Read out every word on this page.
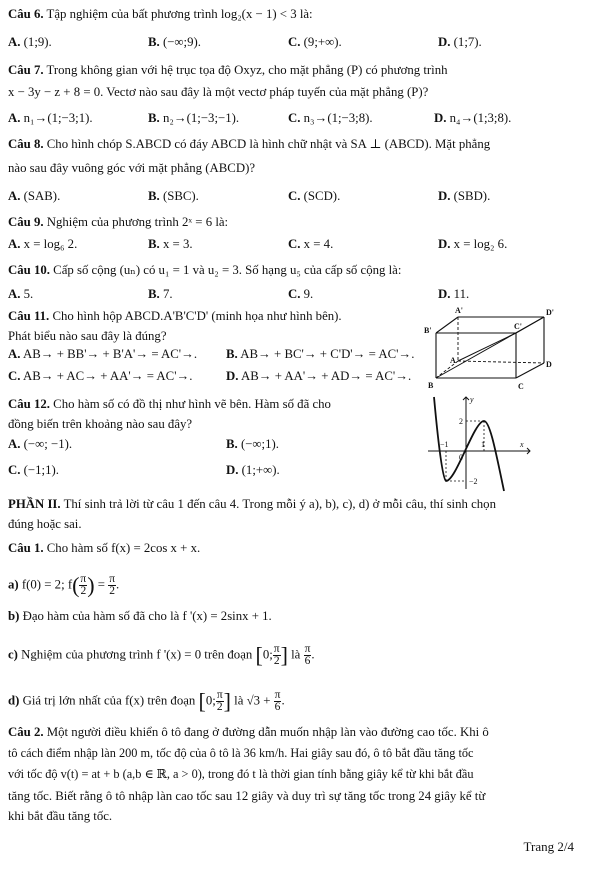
Câu 6. Tập nghiệm của bất phương trình log₂(x − 1) < 3 là:
A. (1;9).	B. (−∞;9).	C. (9;+∞).	D. (1;7).
Câu 7. Trong không gian với hệ trục tọa độ Oxyz, cho mặt phẳng (P) có phương trình
x − 3y − z + 8 = 0. Vectơ nào sau đây là một vectơ pháp tuyến của mặt phẳng (P)?
A. n₁→(1;−3;1).	B. n₂→(1;−3;−1).	C. n₃→(1;−3;8).	D. n₄→(1;3;8).
Câu 8. Cho hình chóp S.ABCD có đáy ABCD là hình chữ nhật và SA ⊥ (ABCD). Mặt phẳng
nào sau đây vuông góc với mặt phẳng (ABCD)?
A. (SAB).	B. (SBC).	C. (SCD).	D. (SBD).
Câu 9. Nghiệm của phương trình 2ˣ = 6 là:
A. x = log₆ 2.	B. x = 3.	C. x = 4.	D. x = log₂ 6.
Câu 10. Cấp số cộng (uₙ) có u₁ = 1 và u₂ = 3. Số hạng u₅ của cấp số cộng là:
A. 5.	B. 7.	C. 9.	D. 11.
Câu 11. Cho hình hộp ABCD.A'B'C'D' (minh họa như hình bên).
Phát biểu nào sau đây là đúng?
A. AB→ + BB'→ + B'A'→ = AC'→. B. AB→ + BC'→ + C'D'→ = AC'→.
C. AB→ + AC→ + AA'→ = AC'→.	D. AB→ + AA'→ + AD→ = AC'→.
A'	D'
B'	C'
A	D
B	C
Câu 12. Cho hàm số có đồ thị như hình vẽ bên. Hàm số đã cho
đồng biến trên khoảng nào sau đây?
A. (−∞; −1).	B. (−∞;1).
C. (−1;1).	D. (1;+∞).
y
x
0
2
−1	1
−2
PHẦN II. Thí sinh trả lời từ câu 1 đến câu 4. Trong mỗi ý a), b), c), d) ở mỗi câu, thí sinh chọn
đúng hoặc sai.
Câu 1. Cho hàm số f(x) = 2cos x + x.
a) f(0) = 2; $f( \frac{\pi}{2}$ ) = $\frac{\pi}{2}$ .
b) Đạo hàm của hàm số đã cho là f '(x) = 2sinx + 1.
c) Nghiệm của phương trình f '(x) = 0 trên đoạn [0; $\frac{\pi}{2}$ ] là $\frac{\pi}{6}$ .
d) Giá trị lớn nhất của f(x) trên đoạn [0; $\frac{\pi}{2}$ ] là $√3 + \frac{\pi}{6}$ .
Câu 2. Một người điều khiển ô tô đang ở đường dẫn muốn nhập làn vào đường cao tốc. Khi ô
tô cách điểm nhập làn 200 m, tốc độ của ô tô là 36 km/h. Hai giây sau đó, ô tô bắt đầu tăng tốc
với tốc độ v(t) = at + b (a,b ∈ ℝ, a > 0), trong đó t là thời gian tính bằng giây kể từ khi bắt đầu
tăng tốc. Biết rằng ô tô nhập làn cao tốc sau 12 giây và duy trì sự tăng tốc trong 24 giây kể từ
khi bắt đầu tăng tốc.
Trang 2/4
